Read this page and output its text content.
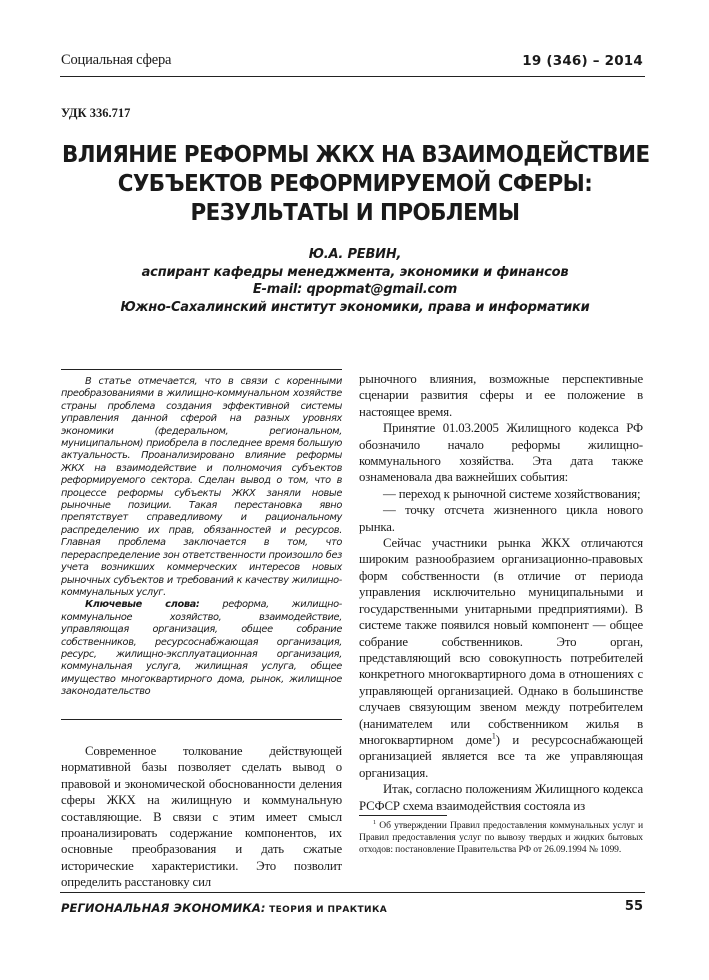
Социальная сфера	19 (346) – 2014
УДК 336.717
ВЛИЯНИЕ РЕФОРМЫ ЖКХ НА ВЗАИМОДЕЙСТВИЕ
СУБЪЕКТОВ РЕФОРМИРУЕМОЙ СФЕРЫ:
РЕЗУЛЬТАТЫ И ПРОБЛЕМЫ
Ю.А. РЕВИН,
аспирант кафедры менеджмента, экономики и финансов
E-mail: qpopmat@gmail.com
Южно-Сахалинский институт экономики, права и информатики

В статье отмечается, что в связи с коренными преобразованиями в жилищно-коммунальном хозяйстве страны проблема создания эффективной системы управления данной сферой на разных уровнях экономики (федеральном, региональном, муниципальном) приобрела в последнее время большую актуальность. Проанализировано влияние реформы ЖКХ на взаимодействие и полномочия субъектов реформируемого сектора. Сделан вывод о том, что в процессе реформы субъекты ЖКХ заняли новые рыночные позиции. Такая перестановка явно препятствует справедливому и рациональному распределению их прав, обязанностей и ресурсов. Главная проблема заключается в том, что перераспределение зон ответственности произошло без учета возникших коммерческих интересов новых рыночных субъектов и требований к качеству жилищно-коммунальных услуг.

Ключевые слова: реформа, жилищно-коммунальное хозяйство, взаимодействие, управляющая организация, общее собрание собственников, ресурсоснабжающая организация, ресурс, жилищно-эксплуатационная организация, коммунальная услуга, жилищная услуга, общее имущество многоквартирного дома, рынок, жилищное законодательство

Современное толкование действующей нормативной базы позволяет сделать вывод о правовой и экономической обоснованности деления сферы ЖКХ на жилищную и коммунальную составляющие. В связи с этим имеет смысл проанализировать содержание компонентов, их основные преобразования и дать сжатые исторические характеристики. Это позволит определить расстановку сил

рыночного влияния, возможные перспективные сценарии развития сферы и ее положение в настоящее время.

Принятие 01.03.2005 Жилищного кодекса РФ обозначило начало реформы жилищно-коммунального хозяйства. Эта дата также ознаменовала два важнейших события:

— переход к рыночной системе хозяйствования;

— точку отсчета жизненного цикла нового рынка.

Сейчас участники рынка ЖКХ отличаются широким разнообразием организационно-правовых форм собственности (в отличие от периода управления исключительно муниципальными и государственными унитарными предприятиями). В системе также появился новый компонент — общее собрание собственников. Это орган, представляющий всю совокупность потребителей конкретного многоквартирного дома в отношениях с управляющей организацией. Однако в большинстве случаев связующим звеном между потребителем (нанимателем или собственником жилья в многоквартирном доме$^1$) и ресурсоснабжающей организацией является все та же управляющая организация.

Итак, согласно положениям Жилищного кодекса РСФСР схема взаимодействия состояла из

$^1$ Об утверждении Правил предоставления коммунальных услуг и Правил предоставления услуг по вывозу твердых и жидких бытовых отходов: постановление Правительства РФ от 26.09.1994 № 1099.

РЕГИОНАЛЬНАЯ ЭКОНОМИКА: ТЕОРИЯ И ПРАКТИКА	55
